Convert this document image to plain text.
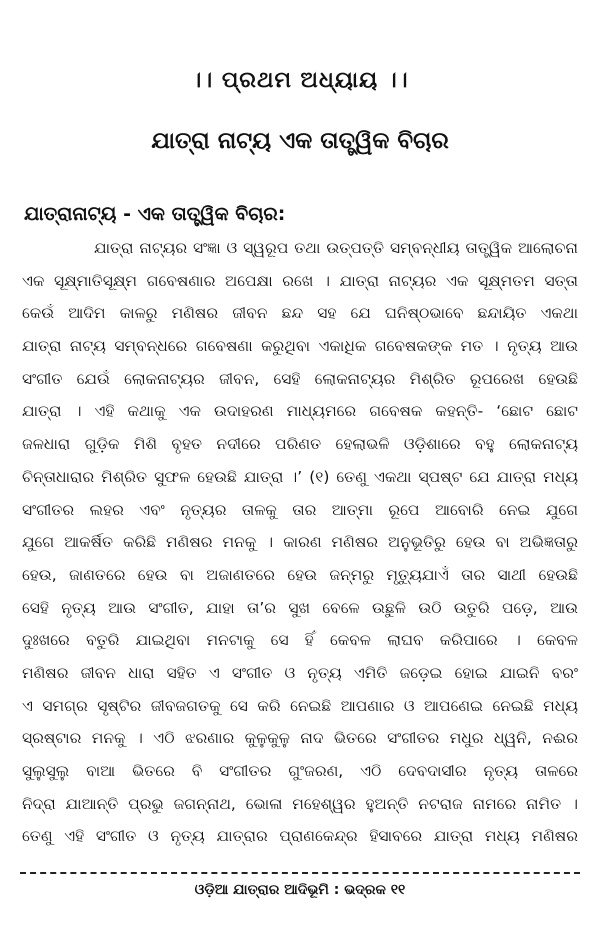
।। ପ୍ରଥମ ଅଧ୍ୟାୟ ।।
ଯାତ୍ରା ନାଟ୍ୟ ଏକ ତାତ୍ତ୍ୱିକ ବିଚାର
ଯାତ୍ରାନାଟ୍ୟ - ଏକ ତାତ୍ତ୍ୱିକ ବିଚାର:
ଯାତ୍ରା ନାଟ୍ୟର ସଂଜ୍ଞା ଓ ସ୍ୱରୂପ ତଥା ଉତ୍ପତ୍ତି ସମ୍ବନ୍ଧୀୟ ତାତ୍ତ୍ୱିକ ଆଲୋଚନା
ଏକ ସୂକ୍ଷ୍ମାତିସୂକ୍ଷ୍ମ ଗବେଷଣାର ଅପେକ୍ଷା ରଖେ । ଯାତ୍ରା ନାଟ୍ୟର ଏକ ସୂକ୍ଷ୍ମତମ ସତ୍ତା
କେଉଁ ଆଦିମ କାଳରୁ ମଣିଷର ଜୀବନ ଛନ୍ଦ ସହ ଯେ ଘନିଷ୍ଠଭାବେ ଛନ୍ଦାୟିତ ଏକଥା
ଯାତ୍ରା ନାଟ୍ୟ ସମ୍ବନ୍ଧରେ ଗବେଷଣା କରୁଥିବା ଏକାଧିକ ଗବେଷକଙ୍କ ମତ । ନୃତ୍ୟ ଆଉ
ସଂଗୀତ ଯେଉଁ ଲୋକନାଟ୍ୟର ଜୀବନ, ସେହି ଲୋକନାଟ୍ୟର ମିଶ୍ରିତ ରୂପରେଖ ହେଉଛି
ଯାତ୍ରା । ଏହି କଥାକୁ ଏକ ଉଦାହରଣ ମାଧ୍ୟମରେ ଗବେଷକ କହନ୍ତି- ‘ଛୋଟ ଛୋଟ
ଜଳଧାରା ଗୁଡ଼ିକ ମିଶି ବୃହତ ନଦୀରେ ପରିଣତ ହେଲାଭଳି ଓଡ଼ିଶାରେ ବହୁ ଲୋକନାଟ୍ୟ
ଚିନ୍ତାଧାରାର ମିଶ୍ରିତ ସୁଫଳ ହେଉଛି ଯାତ୍ରା ।’ (୧) ତେଣୁ ଏକଥା ସ୍ପଷ୍ଟ ଯେ ଯାତ୍ରା ମଧ୍ୟ
ସଂଗୀତର ଲହର ଏବଂ ନୃତ୍ୟର ତାଳକୁ ତାର ଆତ୍ମା ରୂପେ ଆବୋରି ନେଇ ଯୁଗେ
ଯୁଗେ ଆକର୍ଷିତ କରିଛି ମଣିଷର ମନକୁ । କାରଣ ମଣିଷର ଅନୁଭୂତିରୁ ହେଉ ବା ଅଭିଜ୍ଞତାରୁ
ହେଉ, ଜାଣତରେ ହେଉ ବା ଅଜାଣତରେ ହେଉ ଜନ୍ମରୁ ମୃତ୍ୟୁଯାଏଁ ତାର ସାଥୀ ହେଉଛି
ସେହି ନୃତ୍ୟ ଆଉ ସଂଗୀତ, ଯାହା ତା’ର ସୁଖ ବେଳେ ଉଛୁଳି ଉଠି ଉତୁରି ପଡ଼େ, ଆଉ
ଦୁଃଖରେ ବତୁରି ଯାଇଥିବା ମନଟାକୁ ସେ ହିଁ କେବଳ ଲାଘବ କରିପାରେ । କେବଳ
ମଣିଷର ଜୀବନ ଧାରା ସହିତ ଏ ସଂଗୀତ ଓ ନୃତ୍ୟ ଏମିତି ଜଡ଼େଇ ହୋଇ ଯାଇନି ବରଂ
ଏ ସମଗ୍ର ସୃଷ୍ଟିର ଜୀବଜଗତକୁ ସେ କରି ନେଇଛି ଆପଣାର ଓ ଆପଣେଇ ନେଇଛି ମଧ୍ୟ
ସ୍ରଷ୍ଟାର ମନକୁ । ଏଠି ଝରଣାର କୁଳୁକୁଳୁ ନାଦ ଭିତରେ ସଂଗୀତର ମଧୁର ଧ୍ୱନି, ନଈର
ସୁଲୁସୁଲୁ ବାଆ ଭିତରେ ବି ସଂଗୀତର ଗୁଂଜରଣ, ଏଠି ଦେବଦାସୀର ନୃତ୍ୟ ତାଳରେ
ନିଦ୍ରା ଯାଆନ୍ତି ପ୍ରଭୁ ଜଗନ୍ନାଥ, ଭୋଳା ମହେଶ୍ୱର ହୁଅନ୍ତି ନଟରାଜ ନାମରେ ନାମିତ ।
ତେଣୁ ଏହି ସଂଗୀତ ଓ ନୃତ୍ୟ ଯାତ୍ରାର ପ୍ରାଣକେନ୍ଦ୍ର ହିସାବରେ ଯାତ୍ରା ମଧ୍ୟ ମଣିଷର
ଓଡ଼ିଆ ଯାତ୍ରାର ଆଦିଭୂମି : ଭଦ୍ରକ ୧୧
